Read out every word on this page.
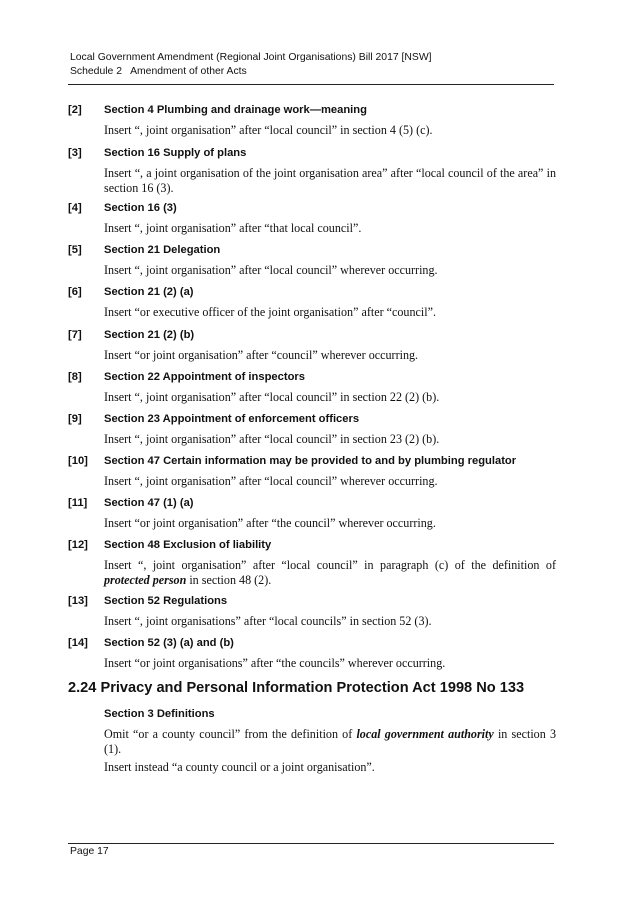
Local Government Amendment (Regional Joint Organisations) Bill 2017 [NSW]
Schedule 2   Amendment of other Acts
[2] Section 4 Plumbing and drainage work—meaning
Insert “, joint organisation” after “local council” in section 4 (5) (c).
[3] Section 16 Supply of plans
Insert “, a joint organisation of the joint organisation area” after “local council of the area” in section 16 (3).
[4] Section 16 (3)
Insert “, joint organisation” after “that local council”.
[5] Section 21 Delegation
Insert “, joint organisation” after “local council” wherever occurring.
[6] Section 21 (2) (a)
Insert “or executive officer of the joint organisation” after “council”.
[7] Section 21 (2) (b)
Insert “or joint organisation” after “council” wherever occurring.
[8] Section 22 Appointment of inspectors
Insert “, joint organisation” after “local council” in section 22 (2) (b).
[9] Section 23 Appointment of enforcement officers
Insert “, joint organisation” after “local council” in section 23 (2) (b).
[10] Section 47 Certain information may be provided to and by plumbing regulator
Insert “, joint organisation” after “local council” wherever occurring.
[11] Section 47 (1) (a)
Insert “or joint organisation” after “the council” wherever occurring.
[12] Section 48 Exclusion of liability
Insert “, joint organisation” after “local council” in paragraph (c) of the definition of protected person in section 48 (2).
[13] Section 52 Regulations
Insert “, joint organisations” after “local councils” in section 52 (3).
[14] Section 52 (3) (a) and (b)
Insert “or joint organisations” after “the councils” wherever occurring.
2.24 Privacy and Personal Information Protection Act 1998 No 133
Section 3 Definitions
Omit “or a county council” from the definition of local government authority in section 3 (1).
Insert instead “a county council or a joint organisation”.
Page 17
